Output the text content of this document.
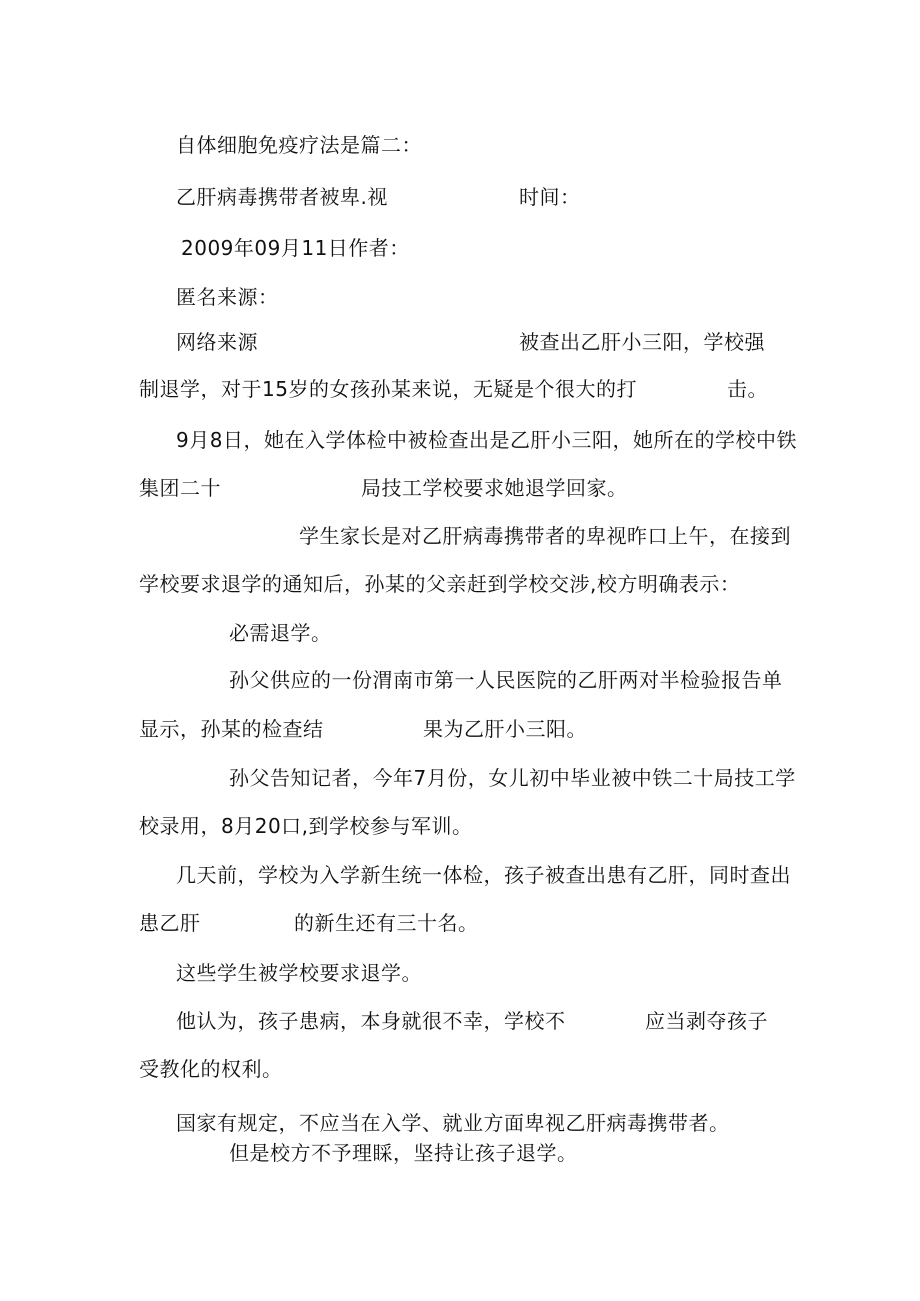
自体细胞免疫疗法是篇二：
乙肝病毒携带者被卑.视	时间：
2009年09月11日作者：
匿名来源：
网络来源	被查出乙肝小三阳，学校强
制退学，对于15岁的女孩孙某来说，无疑是个很大的打	击。
9月8日，她在入学体检中被检查出是乙肝小三阳，她所在的学校中铁
集团二十	局技工学校要求她退学回家。
学生家长是对乙肝病毒携带者的卑视昨口上午，在接到
学校要求退学的通知后，孙某的父亲赶到学校交涉,校方明确表示：
必需退学。
孙父供应的一份渭南市第一人民医院的乙肝两对半检验报告单
显示，孙某的检查结	果为乙肝小三阳。
孙父告知记者，今年7月份，女儿初中毕业被中铁二十局技工学
校录用，8月20口,到学校参与军训。
几天前，学校为入学新生统一体检，孩子被查出患有乙肝，同时查出
患乙肝	的新生还有三十名。
这些学生被学校要求退学。
他认为，孩子患病，本身就很不幸，学校不	应当剥夺孩子
受教化的权利。
国家有规定，不应当在入学、就业方面卑视乙肝病毒携带者。
但是校方不予理睬，坚持让孩子退学。
